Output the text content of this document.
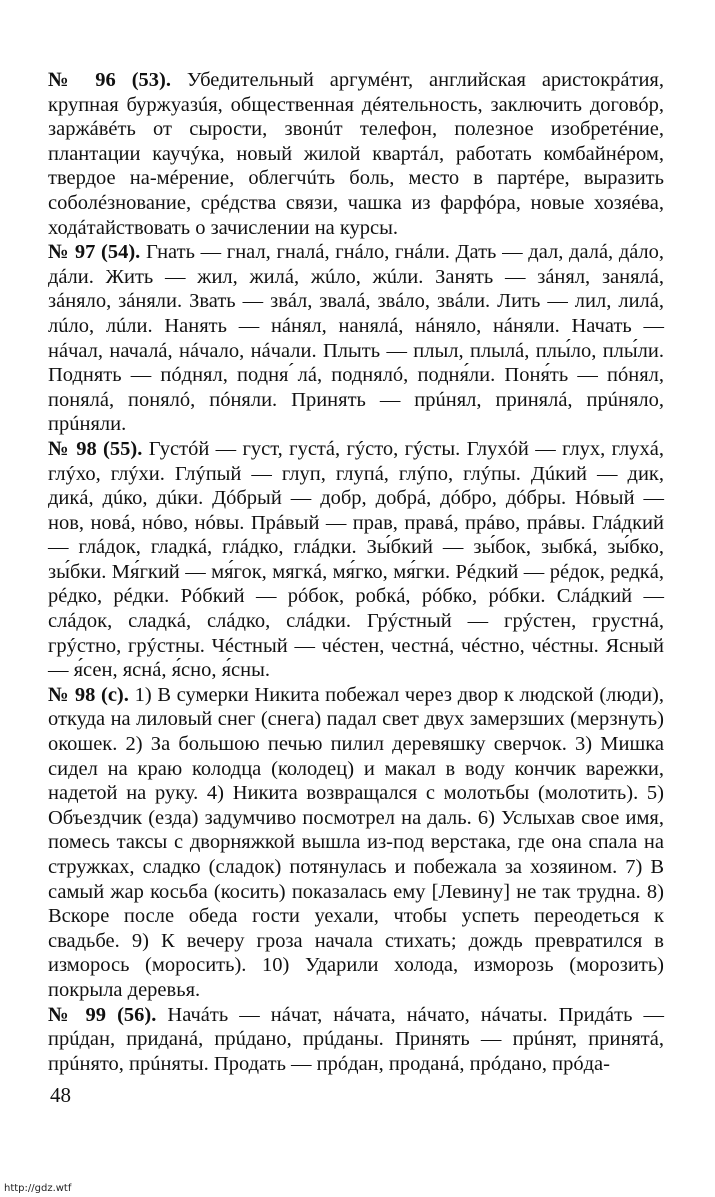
№ 96 (53). Убедительный аргумéнт, английская аристокрáтия, крупная буржуазúя, общественная дéятельность, заключить договóр, заржáвéть от сырости, звонúт телефон, полезное изобретéние, плантации каучýка, новый жилой квартáл, работать комбайнéром, твердое на-мéрение, облегчúть боль, место в партéре, выразить соболéзнование, срéдства связи, чашка из фарфóра, новые хозяéва, ходáтайствовать о зачислении на курсы.

№ 97 (54). Гнать — гнал, гналá, гнáло, гнáли. Дать — дал, далá, дáло, дáли. Жить — жил, жилá, жúло, жúли. Занять — зáнял, занялá, зáняло, зáняли. Звать — звáл, звалá, звáло, звáли. Лить — лил, лилá, лúло, лúли. Нанять — нáнял, нанялá, нáняло, нáняли. Начать — нáчал, началá, нáчало, нáчали. Плыть — плыл, плылá, плы́ло, плы́ли. Поднять — пóднял, подня ́лá, поднялó, подня́ли. Поня́ть — пóнял, понялá, понялó, пóняли. Принять — прúнял, принялá, прúняло, прúняли.

№ 98 (55). Густóй — густ, густá, гýсто, гýсты. Глухóй — глух, глухá, глýхо, глýхи. Глýпый — глуп, глупá, глýпо, глýпы. Дúкий — дик, дикá, дúко, дúки. Дóбрый — добр, добрá, дóбро, дóбры. Нóвый — нов, новá, нóво, нóвы. Прáвый — прав, правá, прáво, прáвы. Глáдкий — глáдок, гладкá, глáдко, глáдки. Зы́бкий — зы́бок, зыбкá, зы́бко, зы́бки. Мя́гкий — мя́гок, мягкá, мя́гко, мя́гки. Рéдкий — рéдок, редкá, рéдко, рéдки. Рóбкий — рóбок, робкá, рóбко, рóбки. Слáдкий — слáдок, сладкá, слáдко, слáдки. Грýстный — грýстен, грустнá, грýстно, грýстны. Чéстный — чéстен, честнá, чéстно, чéстны. Ясный — я́сен, яснá, я́сно, я́сны.

№ 98 (с). 1) В сумерки Никита побежал через двор к людской (люди), откуда на лиловый снег (снега) падал свет двух замерзших (мерзнуть) окошек. 2) За большою печью пилил деревяшку сверчок. 3) Мишка сидел на краю колодца (колодец) и макал в воду кончик варежки, надетой на руку. 4) Никита возвращался с молотьбы (молотить). 5) Объездчик (езда) задумчиво посмотрел на даль. 6) Услыхав свое имя, помесь таксы с дворняжкой вышла из-под верстака, где она спала на стружках, сладко (сладок) потянулась и побежала за хозяином. 7) В самый жар косьба (косить) показалась ему [Левину] не так трудна. 8) Вскоре после обеда гости уехали, чтобы успеть переодеться к свадьбе. 9) К вечеру гроза начала стихать; дождь превратился в изморось (моросить). 10) Ударили холода, изморозь (морозить) покрыла деревья.

№ 99 (56). Начáть — нáчат, нáчата, нáчато, нáчаты. Придáть — прúдан, приданá, прúдано, прúданы. Принять — прúнят, принятá, прúнято, прúняты. Продать — прóдан, проданá, прóдано, прóда-

48
http://gdz.wtf
